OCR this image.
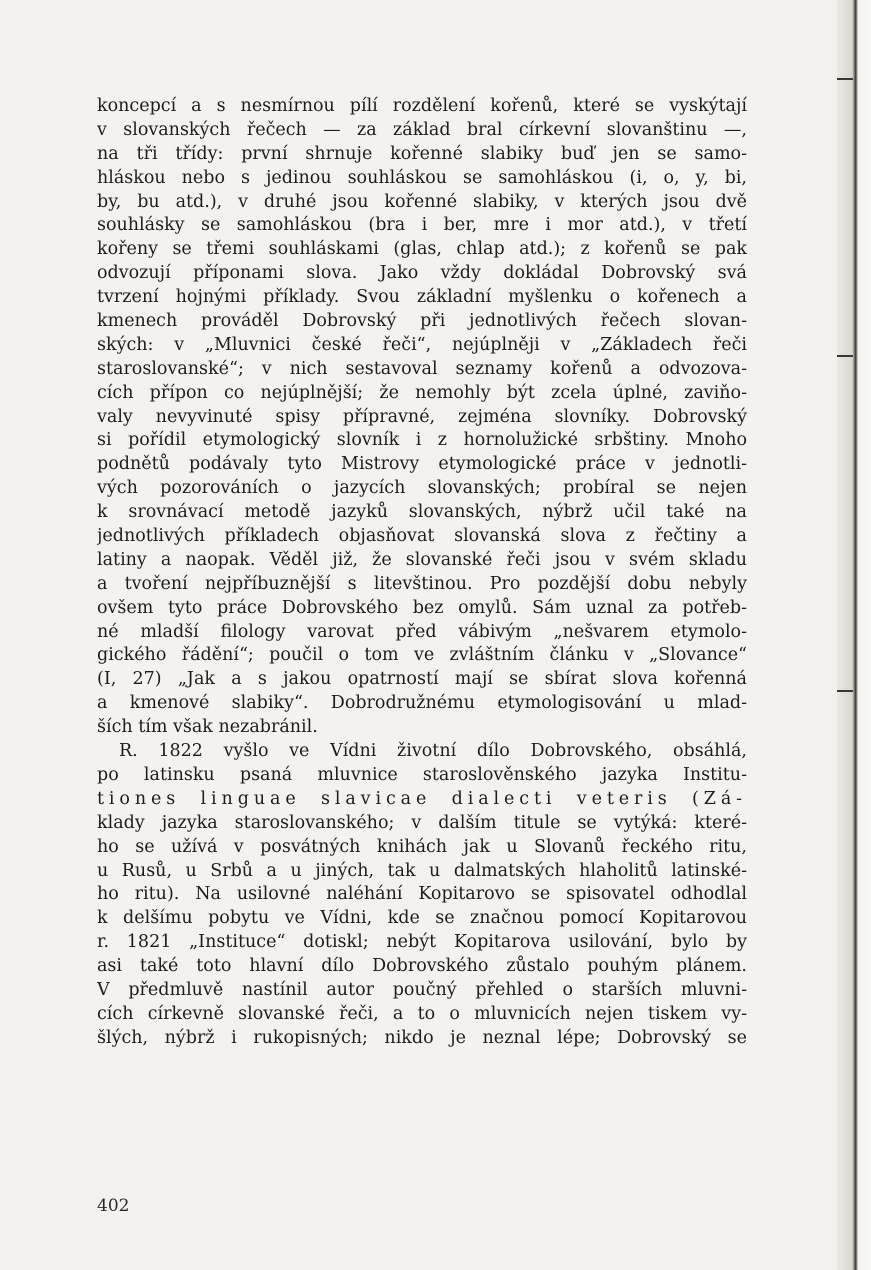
koncepcí a s nesmírnou pílí rozdělení kořenů, které se vyskýtají
v slovanských řečech — za základ bral církevní slovanštinu —,
na tři třídy: první shrnuje kořenné slabiky buď jen se samo-
hláskou nebo s jedinou souhláskou se samohláskou (i, o, y, bi,
by, bu atd.), v druhé jsou kořenné slabiky, v kterých jsou dvě
souhlásky se samohláskou (bra i ber, mre i mor atd.), v třetí
kořeny se třemi souhláskami (glas, chlap atd.); z kořenů se pak
odvozují příponami slova. Jako vždy dokládal Dobrovský svá
tvrzení hojnými příklady. Svou základní myšlenku o kořenech a
kmenech prováděl Dobrovský při jednotlivých řečech slovan-
ských: v „Mluvnici české řeči“, nejúplněji v „Základech řeči
staroslovanské“; v nich sestavoval seznamy kořenů a odvozova-
cích přípon co nejúplnější; že nemohly být zcela úplné, zaviňo-
valy nevyvinuté spisy přípravné, zejména slovníky. Dobrovský
si pořídil etymologický slovník i z hornolužické srbštiny. Mnoho
podnětů podávaly tyto Mistrovy etymologické práce v jednotli-
vých pozorováních o jazycích slovanských; probíral se nejen
k srovnávací metodě jazyků slovanských, nýbrž učil také na
jednotlivých příkladech objasňovat slovanská slova z řečtiny a
latiny a naopak. Věděl již, že slovanské řeči jsou v svém skladu
a tvoření nejpříbuznější s litevštinou. Pro pozdější dobu nebyly
ovšem tyto práce Dobrovského bez omylů. Sám uznal za potřeb-
né mladší filology varovat před vábivým „nešvarem etymolo-
gického řádění“; poučil o tom ve zvláštním článku v „Slovance“
(I, 27) „Jak a s jakou opatrností mají se sbírat slova kořenná
a kmenové slabiky“. Dobrodružnému etymologisování u mlad-
ších tím však nezabránil.
R. 1822 vyšlo ve Vídni životní dílo Dobrovského, obsáhlá,
po latinsku psaná mluvnice staroslověnského jazyka Institu-
tiones linguae slavicae dialecti veteris (Zá-
klady jazyka staroslovanského; v dalším titule se vytýká: které-
ho se užívá v posvátných knihách jak u Slovanů řeckého ritu,
u Rusů, u Srbů a u jiných, tak u dalmatských hlaholitů latinské-
ho ritu). Na usilovné naléhání Kopitarovo se spisovatel odhodlal
k delšímu pobytu ve Vídni, kde se značnou pomocí Kopitarovou
r. 1821 „Instituce“ dotiskl; nebýt Kopitarova usilování, bylo by
asi také toto hlavní dílo Dobrovského zůstalo pouhým plánem.
V předmluvě nastínil autor poučný přehled o starších mluvni-
cích církevně slovanské řeči, a to o mluvnicích nejen tiskem vy-
šlých, nýbrž i rukopisných; nikdo je neznal lépe; Dobrovský se
402
